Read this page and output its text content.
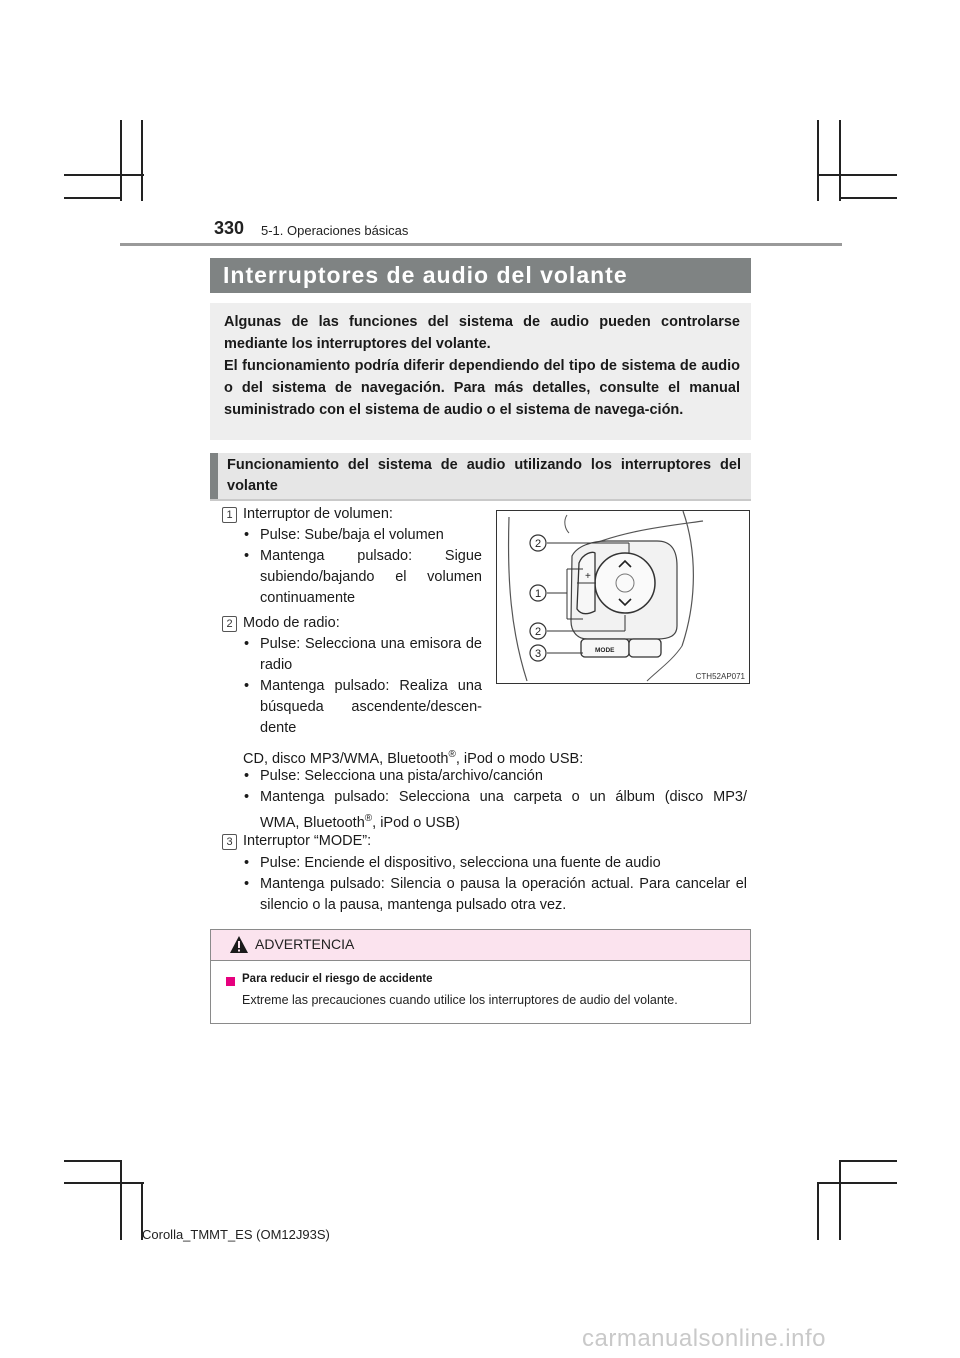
330 5-1. Operaciones básicas
Interruptores de audio del volante

Algunas de las funciones del sistema de audio pueden controlarse mediante los interruptores del volante.

El funcionamiento podría diferir dependiendo del tipo de sistema de audio o del sistema de navegación. Para más detalles, consulte el manual suministrado con el sistema de audio o el sistema de navega-ción.

Funcionamiento del sistema de audio utilizando los interruptores del volante
1 Interruptor de volumen:
• Pulse: Sube/baja el volumen
• Mantenga pulsado: Sigue subiendo/bajando el volumen continuamente
2 Modo de radio:
• Pulse: Selecciona una emisora de radio
• Mantenga pulsado: Realiza una búsqueda ascendente/descen-dente
CD, disco MP3/WMA, Bluetooth®, iPod o modo USB:
• Pulse: Selecciona una pista/archivo/canción
• Mantenga pulsado: Selecciona una carpeta o un álbum (disco MP3/
WMA, Bluetooth®, iPod o USB)
3 Interruptor “MODE”:
• Pulse: Enciende el dispositivo, selecciona una fuente de audio
• Mantenga pulsado: Silencia o pausa la operación actual. Para cancelar el silencio o la pausa, mantenga pulsado otra vez.
+
MODE
2
1
2
3
CTH52AP071
ADVERTENCIA
Para reducir el riesgo de accidente
Extreme las precauciones cuando utilice los interruptores de audio del volante.
Corolla_TMMT_ES (OM12J93S)
carmanualsonline.info
